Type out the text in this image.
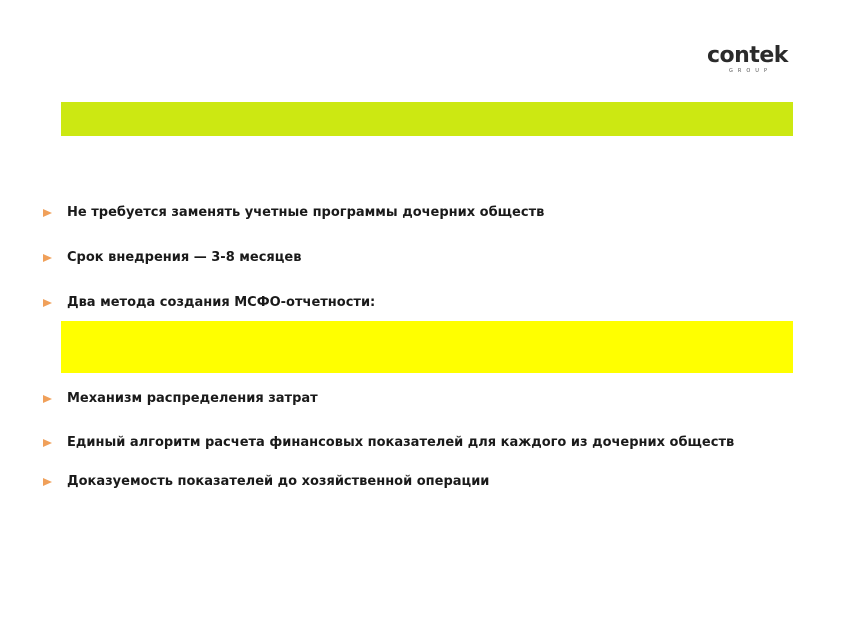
contek
GROUP
Не требуется заменять учетные программы дочерних обществ
Срок внедрения — 3-8 месяцев
Два метода создания МСФО-отчетности:
Механизм распределения затрат
Единый алгоритм расчета финансовых показателей для каждого из дочерних обществ
Доказуемость показателей до хозяйственной операции
